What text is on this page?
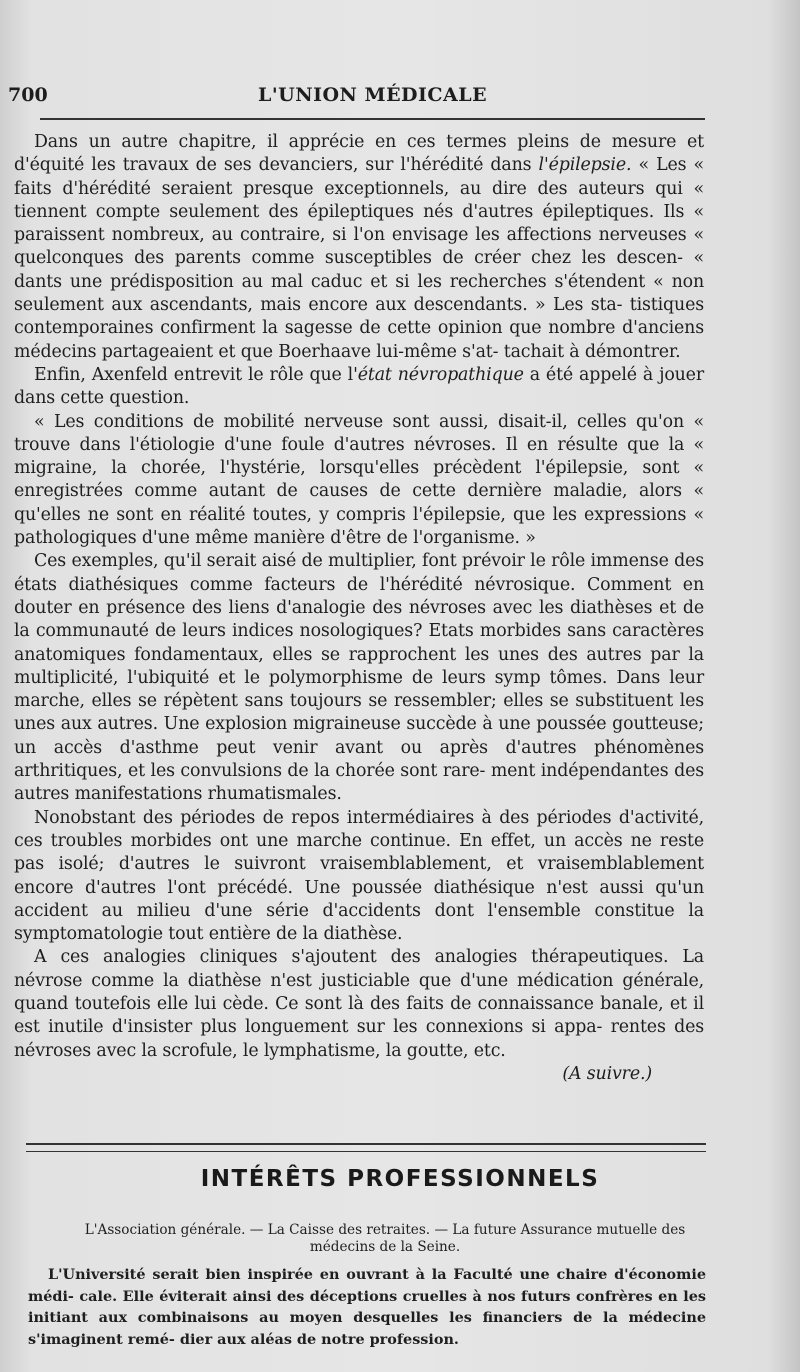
700	L'UNION MÉDICALE

Dans un autre chapitre, il apprécie en ces termes pleins de mesure et d'équité les travaux de ses devanciers, sur l'hérédité dans l'épilepsie. « Les « faits d'hérédité seraient presque exceptionnels, au dire des auteurs qui « tiennent compte seulement des épileptiques nés d'autres épileptiques. Ils « paraissent nombreux, au contraire, si l'on envisage les affections nerveuses « quelconques des parents comme susceptibles de créer chez les descen- « dants une prédisposition au mal caduc et si les recherches s'étendent « non seulement aux ascendants, mais encore aux descendants. » Les sta- tistiques contemporaines confirment la sagesse de cette opinion que nombre d'anciens médecins partageaient et que Boerhaave lui-même s'at- tachait à démontrer.

Enfin, Axenfeld entrevit le rôle que l'état névropathique a été appelé à jouer dans cette question.

« Les conditions de mobilité nerveuse sont aussi, disait-il, celles qu'on « trouve dans l'étiologie d'une foule d'autres névroses. Il en résulte que la « migraine, la chorée, l'hystérie, lorsqu'elles précèdent l'épilepsie, sont « enregistrées comme autant de causes de cette dernière maladie, alors « qu'elles ne sont en réalité toutes, y compris l'épilepsie, que les expressions « pathologiques d'une même manière d'être de l'organisme. »

Ces exemples, qu'il serait aisé de multiplier, font prévoir le rôle immense des états diathésiques comme facteurs de l'hérédité névrosique. Comment en douter en présence des liens d'analogie des névroses avec les diathèses et de la communauté de leurs indices nosologiques? Etats morbides sans caractères anatomiques fondamentaux, elles se rapprochent les unes des autres par la multiplicité, l'ubiquité et le polymorphisme de leurs symp tômes. Dans leur marche, elles se répètent sans toujours se ressembler; elles se substituent les unes aux autres. Une explosion migraineuse succède à une poussée goutteuse; un accès d'asthme peut venir avant ou après d'autres phénomènes arthritiques, et les convulsions de la chorée sont rare- ment indépendantes des autres manifestations rhumatismales.

Nonobstant des périodes de repos intermédiaires à des périodes d'activité, ces troubles morbides ont une marche continue. En effet, un accès ne reste pas isolé; d'autres le suivront vraisemblablement, et vraisemblablement encore d'autres l'ont précédé. Une poussée diathésique n'est aussi qu'un accident au milieu d'une série d'accidents dont l'ensemble constitue la symptomatologie tout entière de la diathèse.

A ces analogies cliniques s'ajoutent des analogies thérapeutiques. La névrose comme la diathèse n'est justiciable que d'une médication générale, quand toutefois elle lui cède. Ce sont là des faits de connaissance banale, et il est inutile d'insister plus longuement sur les connexions si appa- rentes des névroses avec la scrofule, le lymphatisme, la goutte, etc.

(A suivre.)

INTÉRÊTS PROFESSIONNELS
L'Association générale. — La Caisse des retraites. — La future Assurance mutuelle des médecins de la Seine.

L'Université serait bien inspirée en ouvrant à la Faculté une chaire d'économie médi- cale. Elle éviterait ainsi des déceptions cruelles à nos futurs confrères en les initiant aux combinaisons au moyen desquelles les financiers de la médecine s'imaginent remé- dier aux aléas de notre profession.
